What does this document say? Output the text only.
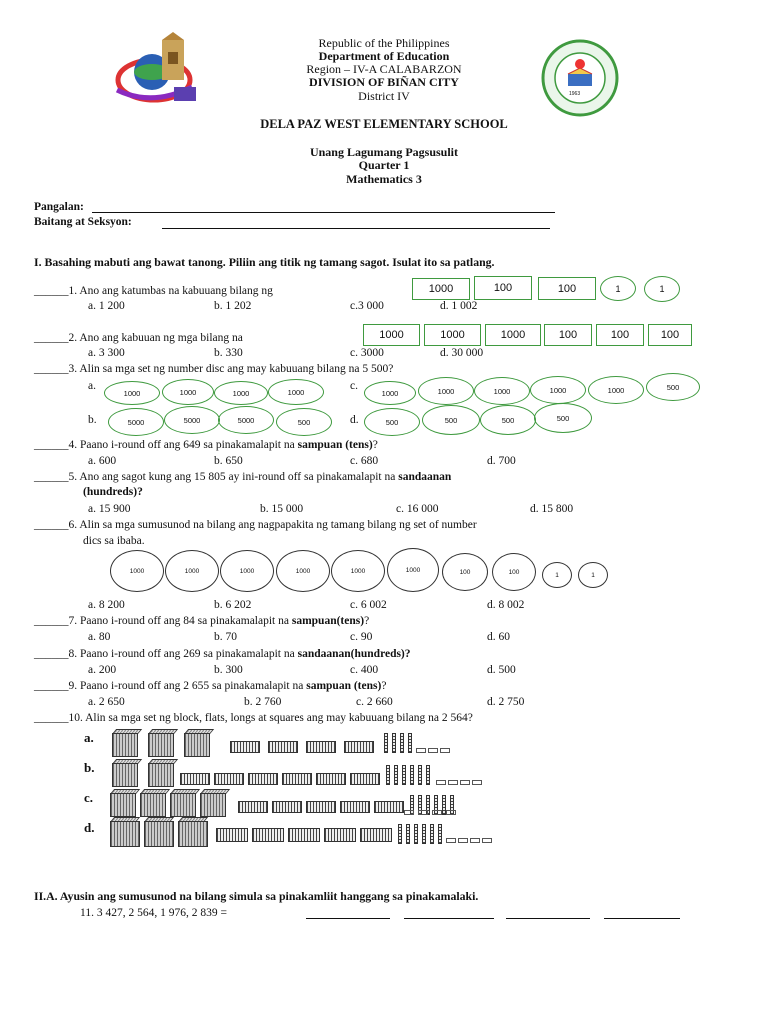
1963
Republic of the Philippines
Department of Education
Region – IV-A CALABARZON
DIVISION OF BIÑAN CITY
District IV
DELA PAZ WEST ELEMENTARY SCHOOL
Unang Lagumang Pagsusulit
Quarter 1
Mathematics 3
Pangalan:
Baitang at Seksyon:
I. Basahing mabuti ang bawat tanong. Piliin ang titik ng tamang sagot. Isulat ito sa patlang.
______1. Ano ang katumbas na kabuuang bilang ng
a. 1 200	b. 1 202	c.3 000	d. 1 002
1000	100	100	1	1
______2. Ano ang kabuuan ng mga bilang na
a. 3 300	b. 330	c. 3000	d. 30 000
1000	1000	1000	100	100	100
______3. Alin sa mga set ng number disc ang may kabuuang bilang na 5 500?
a.
1000	1000	1000	1000	c.
1000	1000	1000	1000	1000	500
b.	5000	5000	5000	500	d.	500	500	500	500
______4. Paano i-round off ang 649 sa pinakamalapit na sampuan (tens)?
a. 600	b. 650	c. 680	d. 700
______5. Ano ang sagot kung ang 15 805 ay ini-round off sa pinakamalapit na sandaanan
(hundreds)?
a. 15 900	b. 15 000	c. 16 000	d. 15 800
______6. Alin sa mga sumusunod na bilang ang nagpapakita ng tamang bilang ng set of number
dics sa ibaba.
1000	1000	1000	1000	1000	1000	100	100	1	1
a. 8 200	b. 6 202	c. 6 002	d. 8 002
______7. Paano i-round off ang 84 sa pinakamalapit na sampuan(tens)?
a. 80	b. 70	c. 90	d. 60
______8. Paano i-round off ang 269 sa pinakamalapit na sandaanan(hundreds)?
a. 200	b. 300	c. 400	d. 500
______9. Paano i-round off ang 2 655 sa pinakamalapit na sampuan (tens)?
a. 2 650	b. 2 760	c. 2 660	d. 2 750
______10. Alin sa mga set ng block, flats, longs at squares ang may kabuuang bilang na 2 564?
a.
b.
c.
d.
II.A. Ayusin ang sumusunod na bilang simula sa pinakamliit hanggang sa pinakamalaki.
11. 3 427, 2 564, 1 976, 2 839 =
